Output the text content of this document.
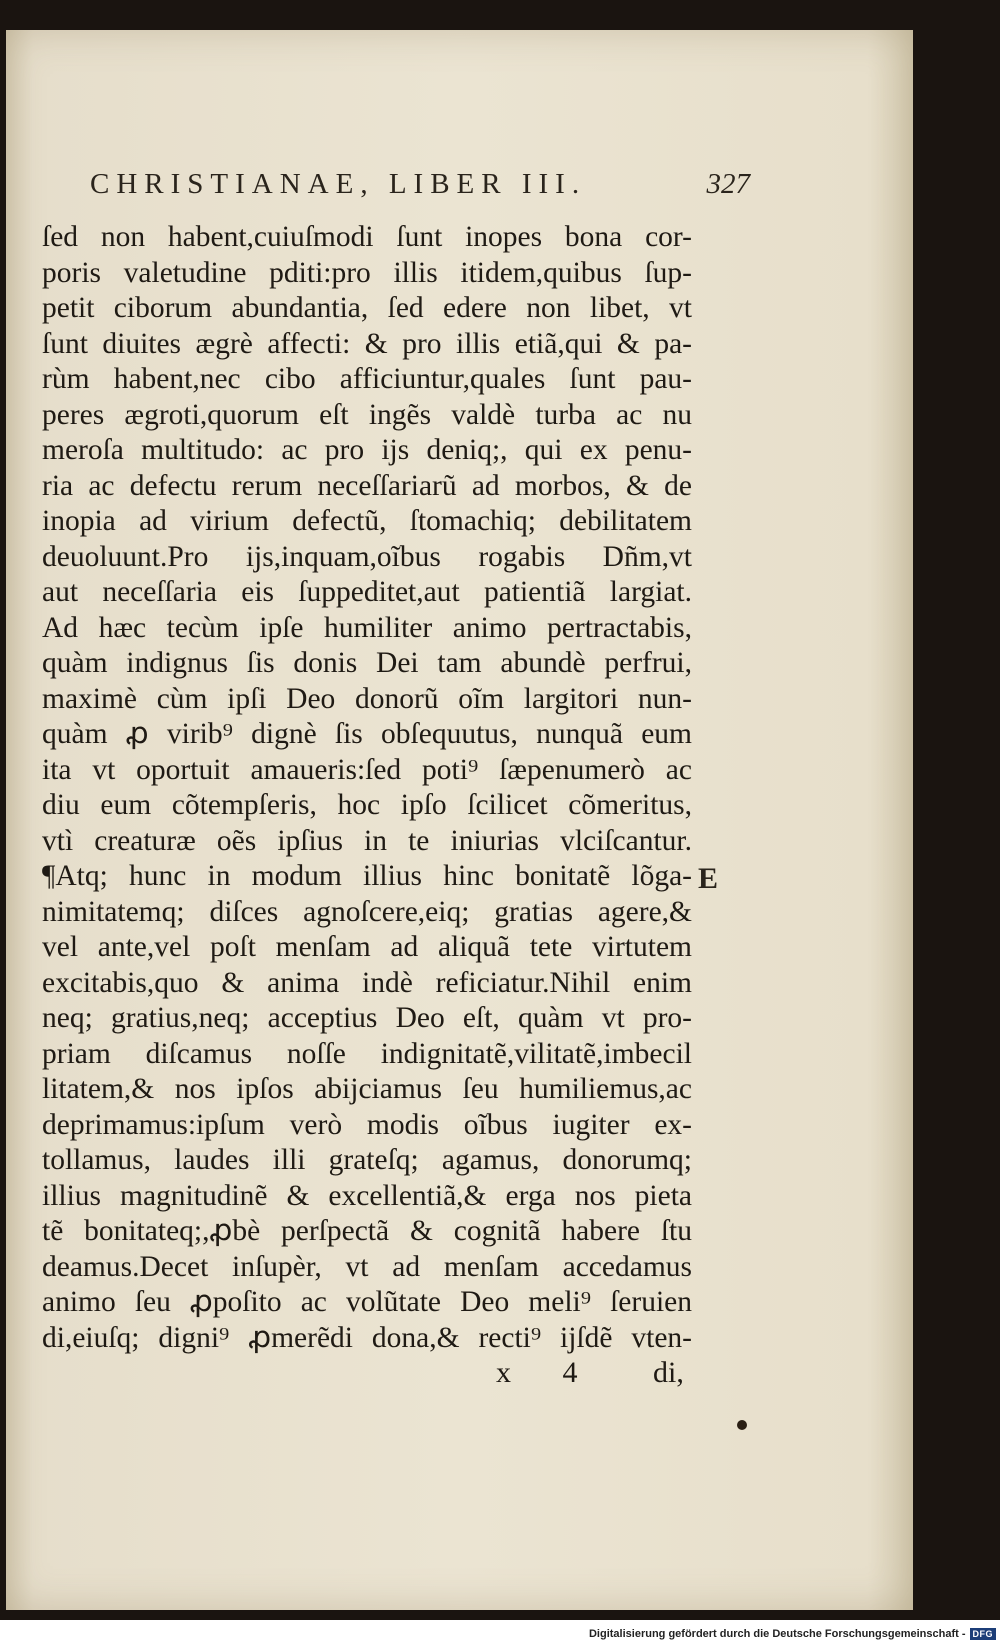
CHRISTIANAE, LIBER III.	327
ſed non habent,cuiuſmodi ſunt inopes bona cor-
poris valetudine pditi:pro illis itidem,quibus ſup-
petit ciborum abundantia, ſed edere non libet, vt
ſunt diuites ægrè affecti: & pro illis etiã,qui & pa-
rùm habent,nec cibo afficiuntur,quales ſunt pau-
peres ægroti,quorum eſt ingẽs valdè turba ac nu
meroſa multitudo: ac pro ijs deniq;, qui ex penu-
ria ac defectu rerum neceſſariarũ ad morbos, & de
inopia ad virium defectũ, ſtomachiq; debilitatem
deuoluunt.Pro ijs,inquam,oĩbus rogabis Dñm,vt
aut neceſſaria eis ſuppeditet,aut patientiã largiat.
Ad hæc tecùm ipſe humiliter animo pertractabis,
quàm indignus ſis donis Dei tam abundè perfrui,
maximè cùm ipſi Deo donorũ oĩm largitori nun-
quàm ꝓ virib⁹ dignè ſis obſequutus, nunquã eum
ita vt oportuit amaueris:ſed poti⁹ ſæpenumerò ac
diu eum cõtempſeris, hoc ipſo ſcilicet cõmeritus,
vtì creaturæ oẽs ipſius in te iniurias vlciſcantur.
¶Atq; hunc in modum illius hinc bonitatẽ lõga-
nimitatemq; diſces agnoſcere,eiq; gratias agere,&
vel ante,vel poſt menſam ad aliquã tete virtutem
excitabis,quo & anima indè reficiatur.Nihil enim
neq; gratius,neq; acceptius Deo eſt, quàm vt pro-
priam diſcamus noſſe indignitatẽ,vilitatẽ,imbecil
litatem,& nos ipſos abijciamus ſeu humiliemus,ac
deprimamus:ipſum verò modis oĩbus iugiter ex-
tollamus, laudes illi grateſq; agamus, donorumq;
illius magnitudinẽ & excellentiã,& erga nos pieta
tẽ bonitateq;,ꝓbè perſpectã & cognitã habere ſtu
deamus.Decet inſupèr, vt ad menſam accedamus
animo ſeu ꝓpoſito ac volũtate Deo meli⁹ ſeruien
di,eiuſq; digni⁹ ꝓmerẽdi dona,& recti⁹ ijſdẽ vten-
E
x 4 di,
Digitalisierung gefördert durch die Deutsche Forschungsgemeinschaft - DFG
